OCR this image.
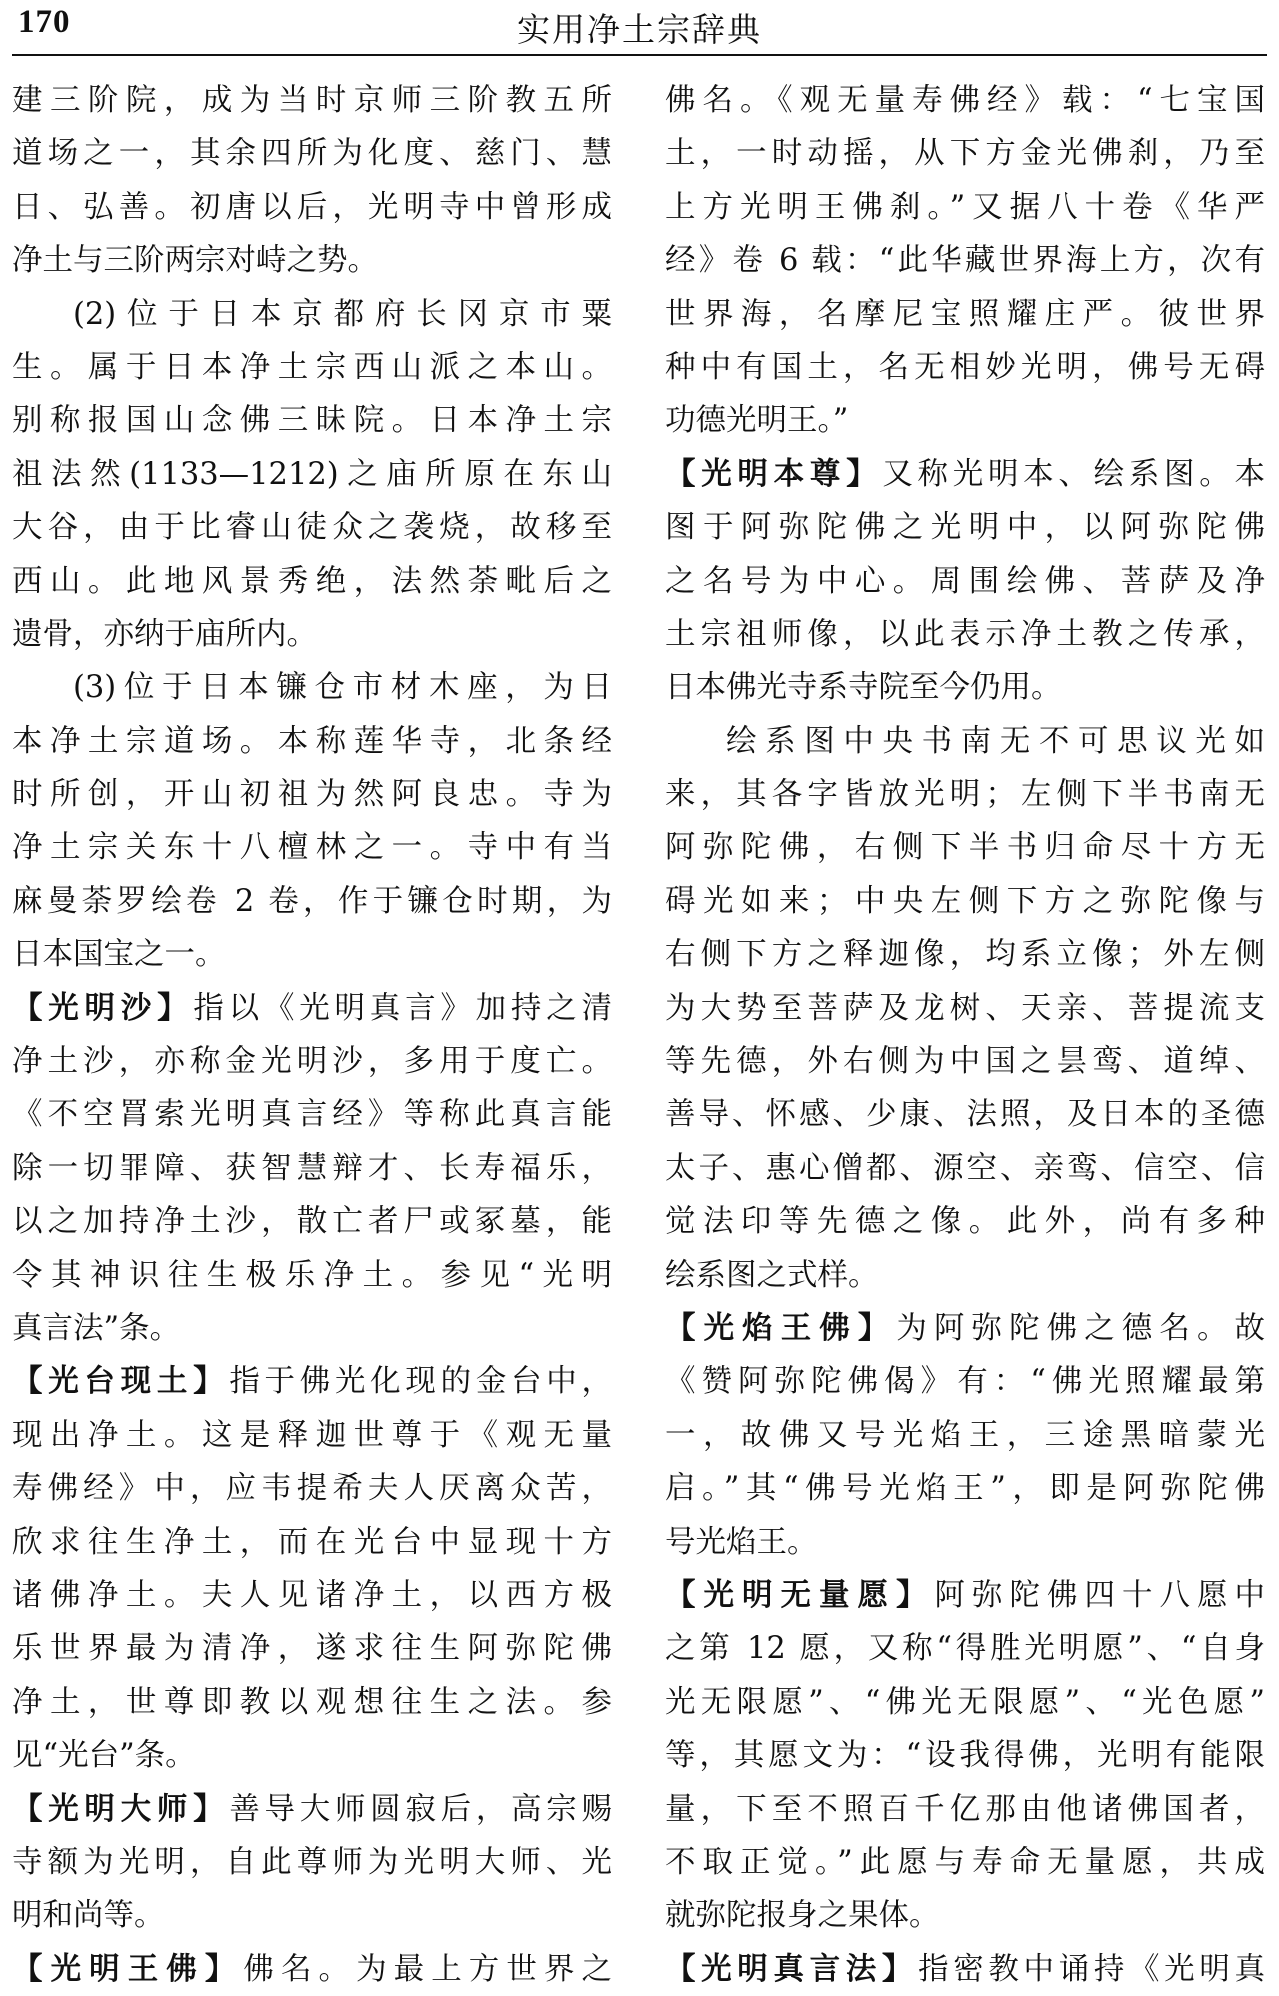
实用净土宗辞典
170
建三阶院，成为当时京师三阶教五所
道场之一，其余四所为化度、慈门、慧
日、弘善。初唐以后，光明寺中曾形成
净土与三阶两宗对峙之势。
(2)位于日本京都府长冈京市粟
生。属于日本净土宗西山派之本山。
别称报国山念佛三昧院。日本净土宗
祖法然(1133—1212)之庙所原在东山
大谷，由于比睿山徒众之袭烧，故移至
西山。此地风景秀绝，法然荼毗后之
遗骨，亦纳于庙所内。
(3)位于日本镰仓市材木座，为日
本净土宗道场。本称莲华寺，北条经
时所创，开山初祖为然阿良忠。寺为
净土宗关东十八檀林之一。寺中有当
麻曼荼罗绘卷 2 卷，作于镰仓时期，为
日本国宝之一。
【光明沙】指以《光明真言》加持之清
净土沙，亦称金光明沙，多用于度亡。
《不空罥索光明真言经》等称此真言能
除一切罪障、获智慧辩才、长寿福乐，
以之加持净土沙，散亡者尸或冢墓，能
令其神识往生极乐净土。参见“光明
真言法”条。
【光台现土】指于佛光化现的金台中，
现出净土。这是释迦世尊于《观无量
寿佛经》中，应韦提希夫人厌离众苦，
欣求往生净土，而在光台中显现十方
诸佛净土。夫人见诸净土，以西方极
乐世界最为清净，遂求往生阿弥陀佛
净土，世尊即教以观想往生之法。参
见“光台”条。
【光明大师】善导大师圆寂后，高宗赐
寺额为光明，自此尊师为光明大师、光
明和尚等。
【光明王佛】佛名。为最上方世界之
佛名。《观无量寿佛经》载：“七宝国
土，一时动摇，从下方金光佛刹，乃至
上方光明王佛刹。”又据八十卷《华严
经》卷 6 载：“此华藏世界海上方，次有
世界海，名摩尼宝照耀庄严。彼世界
种中有国土，名无相妙光明，佛号无碍
功德光明王。”
【光明本尊】又称光明本、绘系图。本
图于阿弥陀佛之光明中，以阿弥陀佛
之名号为中心。周围绘佛、菩萨及净
土宗祖师像，以此表示净土教之传承，
日本佛光寺系寺院至今仍用。
绘系图中央书南无不可思议光如
来，其各字皆放光明；左侧下半书南无
阿弥陀佛，右侧下半书归命尽十方无
碍光如来；中央左侧下方之弥陀像与
右侧下方之释迦像，均系立像；外左侧
为大势至菩萨及龙树、天亲、菩提流支
等先德，外右侧为中国之昙鸾、道绰、
善导、怀感、少康、法照，及日本的圣德
太子、惠心僧都、源空、亲鸾、信空、信
觉法印等先德之像。此外，尚有多种
绘系图之式样。
【光焰王佛】为阿弥陀佛之德名。故
《赞阿弥陀佛偈》有：“佛光照耀最第
一，故佛又号光焰王，三途黑暗蒙光
启。”其“佛号光焰王”，即是阿弥陀佛
号光焰王。
【光明无量愿】阿弥陀佛四十八愿中
之第 12 愿，又称“得胜光明愿”、“自身
光无限愿”、“佛光无限愿”、“光色愿”
等，其愿文为：“设我得佛，光明有能限
量，下至不照百千亿那由他诸佛国者，
不取正觉。”此愿与寿命无量愿，共成
就弥陀报身之果体。
【光明真言法】指密教中诵持《光明真
